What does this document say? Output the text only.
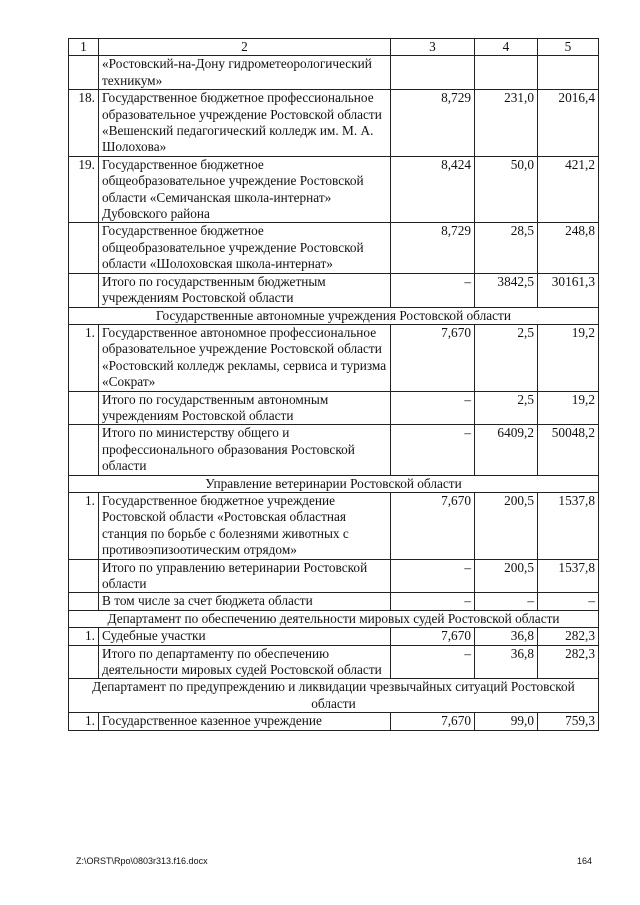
1	2	3	4	5
	«Ростовский-на-Дону гидрометеорологический техникум»			
18.	Государственное бюджетное профессиональное образовательное учреждение Ростовской области «Вешенский педагогический колледж им. М. А. Шолохова»	8,729	231,0	2016,4
19.	Государственное бюджетное общеобразовательное учреждение Ростовской области «Семичанская школа-интернат» Дубовского района	8,424	50,0	421,2
	Государственное бюджетное общеобразовательное учреждение Ростовской области «Шолоховская школа-интернат»	8,729	28,5	248,8
	Итого по государственным бюджетным учреждениям Ростовской области	–	3842,5	30161,3
Государственные автономные учреждения Ростовской области				
1.	Государственное автономное профессиональное образовательное учреждение Ростовской области «Ростовский колледж рекламы, сервиса и туризма «Сократ»	7,670	2,5	19,2
	Итого по государственным автономным учреждениям Ростовской области	–	2,5	19,2
	Итого по министерству общего и профессионального образования Ростовской области	–	6409,2	50048,2
Управление ветеринарии Ростовской области				
1.	Государственное бюджетное учреждение Ростовской области «Ростовская областная станция по борьбе с болезнями животных с противоэпизоотическим отрядом»	7,670	200,5	1537,8
	Итого по управлению ветеринарии Ростовской области	–	200,5	1537,8
	В том числе за счет бюджета области	–	–	–
Департамент по обеспечению деятельности мировых судей Ростовской области				
1.	Судебные участки	7,670	36,8	282,3
	Итого по департаменту по обеспечению деятельности мировых судей Ростовской области	–	36,8	282,3
Департамент по предупреждению и ликвидации чрезвычайных ситуаций Ростовской области				
1.	Государственное казенное учреждение	7,670	99,0	759,3
Z:\ORST\Rpo\0803r313.f16.docx	164
